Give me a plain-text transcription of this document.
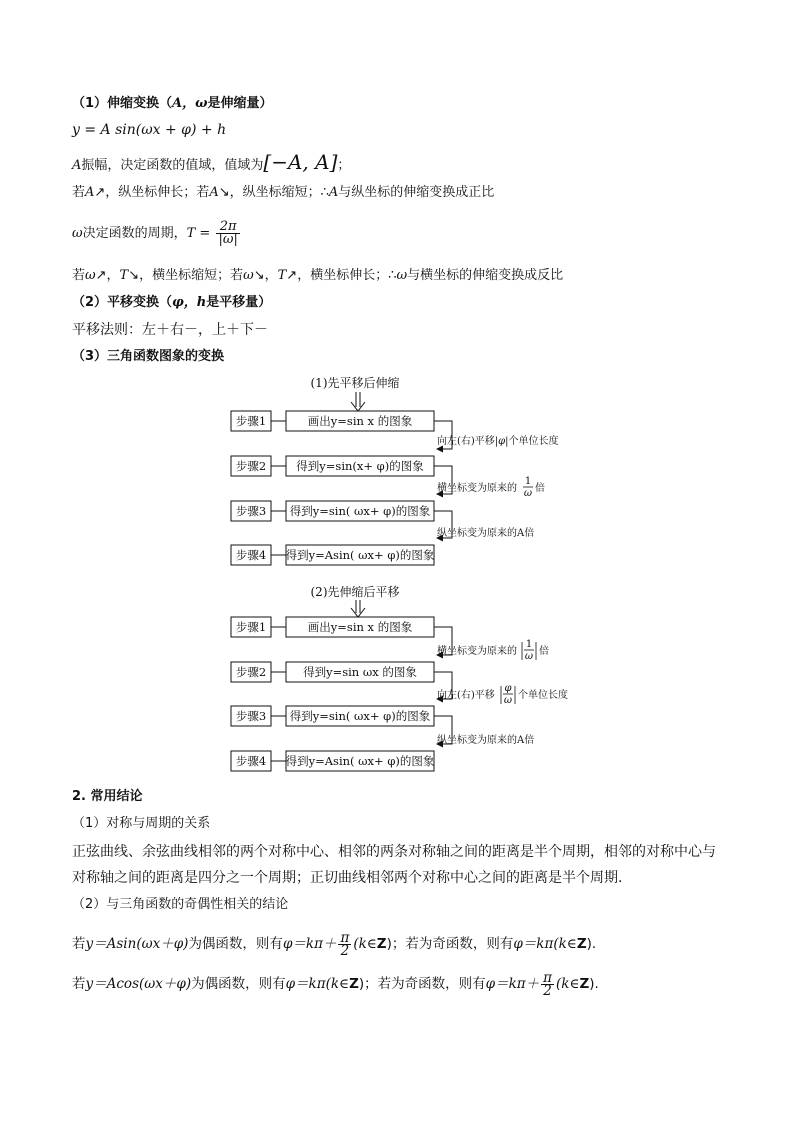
（1）伸缩变换（A，ω是伸缩量）
y = A sin(ωx + φ) + h
A振幅，决定函数的值域，值域为[−A, A]；
若A↗，纵坐标伸长；若A↘，纵坐标缩短；∴A与纵坐标的伸缩变换成正比
ω决定函数的周期，$T = \frac{2\pi}{|\omega|}$
若ω↗，T↘，横坐标缩短；若ω↘，T↗，横坐标伸长；∴ω与横坐标的伸缩变换成反比
（2）平移变换（φ，h是平移量）
平移法则：左＋右－，上＋下－
（3）三角函数图象的变换
(1)先平移后伸缩
步骤1	画出y=sin x 的图象
步骤2	得到y=sin(x+ φ)的图象
步骤3 得到y=sin( ωx+ φ)的图象
步骤4 得到y=Asin( ωx+ φ)的图象
向左(右)平移|φ|个单位长度
横坐标变为原来的
1
ω 倍
纵坐标变为原来的A倍
(2)先伸缩后平移
步骤1	画出y=sin x 的图象
步骤2	得到y=sin ωx 的图象
步骤3 得到y=sin( ωx+ φ)的图象
步骤4 得到y=Asin( ωx+ φ)的图象
横坐标变为原来的
1
ω 倍
向左(右)平移
φ
ω 个单位长度
纵坐标变为原来的A倍
2. 常用结论
（1）对称与周期的关系
正弦曲线、余弦曲线相邻的两个对称中心、相邻的两条对称轴之间的距离是半个周期，相邻的对称中心与
对称轴之间的距离是四分之一个周期；正切曲线相邻两个对称中心之间的距离是半个周期.
（2）与三角函数的奇偶性相关的结论
若y＝Asin(ωx＋φ)为偶函数，则有$\varphi=k\pi+ \frac{\pi}{2}$ (k∈Z)；若为奇函数，则有φ＝kπ(k∈Z).
若y＝Acos(ωx＋φ)为偶函数，则有φ＝kπ(k∈Z)；若为奇函数，则有$\varphi=k\pi+ \frac{\pi}{2}$ (k∈Z).
